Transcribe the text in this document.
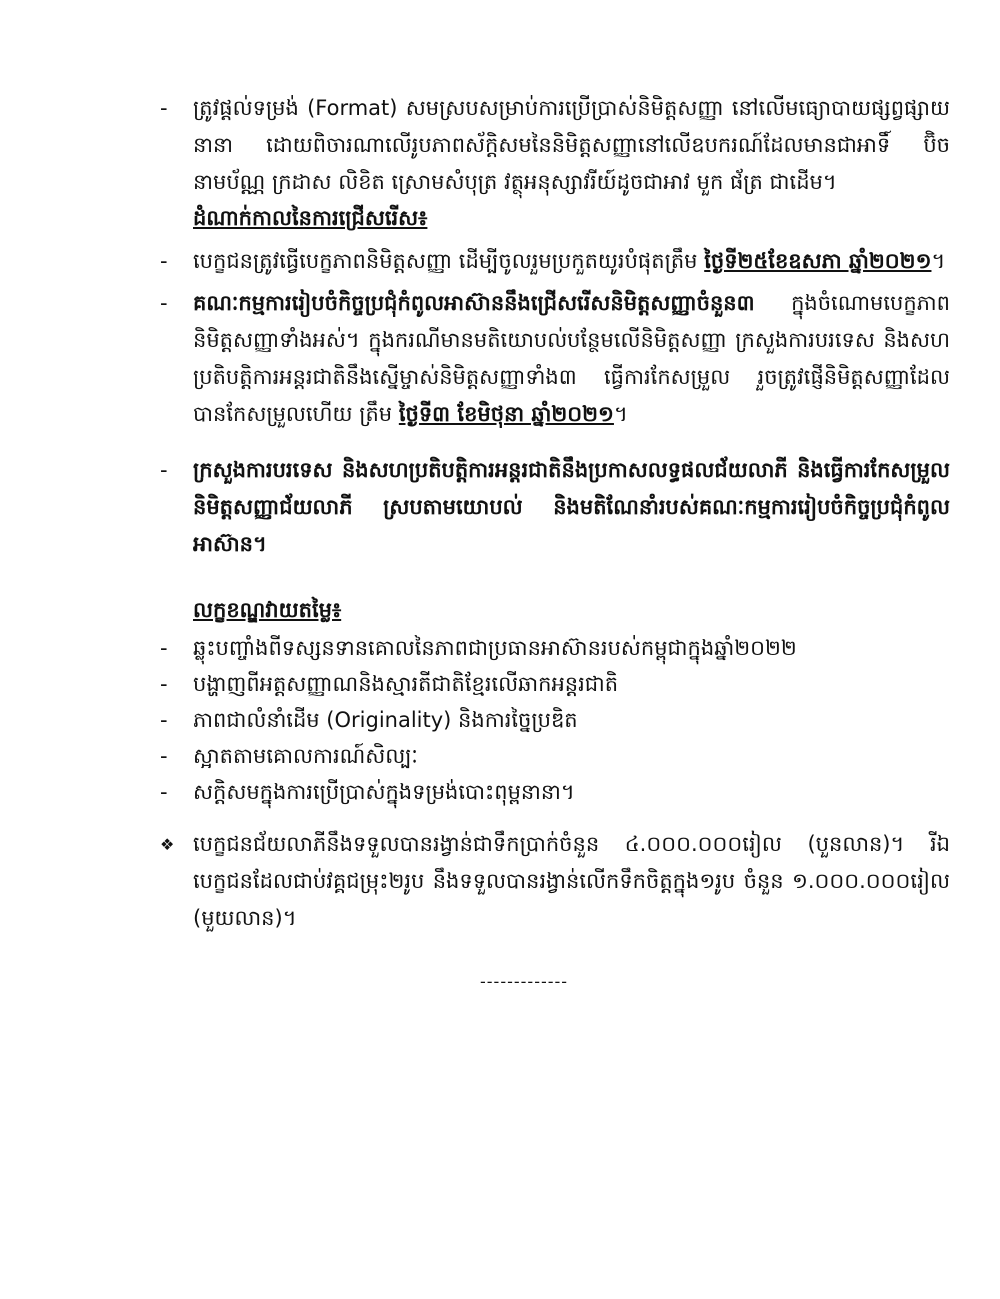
-	ត្រូវផ្តល់ទម្រង់ (Format) សមស្របសម្រាប់ការប្រើប្រាស់និមិត្តសញ្ញា នៅលើមធ្យោបាយផ្សព្វផ្សាយនានា ដោយពិចារណាលើរូបភាពស័ក្តិសមនៃនិមិត្តសញ្ញានៅលើឧបករណ៍ដែលមានជាអាទិ៍ ប៊ិច នាមប័ណ្ណ ក្រដាស លិខិត ស្រោមសំបុត្រ វត្ថុអនុស្សាវរីយ៍ដូចជាអាវ មួក ផ័ត្រ ជាដើម។
ដំណាក់កាលនៃការជ្រើសរើស៖
-	បេក្ខជនត្រូវធ្វើបេក្ខភាពនិមិត្តសញ្ញា ដើម្បីចូលរួមប្រកួតយូរបំផុតត្រឹម ថ្ងៃទី២៥ខែឧសភា ឆ្នាំ២០២១។
-	គណៈកម្មការរៀបចំកិច្ចប្រជុំកំពូលអាស៊ាននឹងជ្រើសរើសនិមិត្តសញ្ញាចំនួន៣ ក្នុងចំណោមបេក្ខភាពនិមិត្តសញ្ញាទាំងអស់។ ក្នុងករណីមានមតិយោបល់បន្ថែមលើនិមិត្តសញ្ញា ក្រសួងការបរទេស និងសហប្រតិបត្តិការអន្តរជាតិនឹងស្នើម្ចាស់និមិត្តសញ្ញាទាំង៣ ធ្វើការកែសម្រួល រួចត្រូវផ្ញើនិមិត្តសញ្ញាដែលបានកែសម្រួលហើយ ត្រឹម ថ្ងៃទី៣ ខែមិថុនា ឆ្នាំ២០២១។
-	ក្រសួងការបរទេស និងសហប្រតិបត្តិការអន្តរជាតិនឹងប្រកាសលទ្ធផលជ័យលាភី និងធ្វើការកែសម្រួលនិមិត្តសញ្ញាជ័យលាភី ស្របតាមយោបល់ និងមតិណែនាំរបស់គណៈកម្មការរៀបចំកិច្ចប្រជុំកំពូលអាស៊ាន។
លក្ខខណ្ឌវាយតម្លៃ៖
-	ឆ្លុះបញ្ចាំងពីទស្សនទានគោលនៃភាពជាប្រធានអាស៊ានរបស់កម្ពុជាក្នុងឆ្នាំ២០២២
-	បង្ហាញពីអត្តសញ្ញាណនិងស្មារតីជាតិខ្មែរលើឆាកអន្តរជាតិ
-	ភាពជាលំនាំដើម (Originality) និងការច្នៃប្រឌិត
-	ស្អាតតាមគោលការណ៍សិល្បៈ
-	សក្តិសមក្នុងការប្រើប្រាស់ក្នុងទម្រង់បោះពុម្ពនានា។
❖ បេក្ខជនជ័យលាភីនឹងទទួលបានរង្វាន់ជាទឹកប្រាក់ចំនួន ៤.០០០.០០០រៀល (បួនលាន)។ រីឯបេក្ខជនដែលជាប់វគ្គជម្រុះ២រូប នឹងទទួលបានរង្វាន់លើកទឹកចិត្តក្នុង១រូប ចំនួន ១.០០០.០០០រៀល (មួយលាន)។
-------------
